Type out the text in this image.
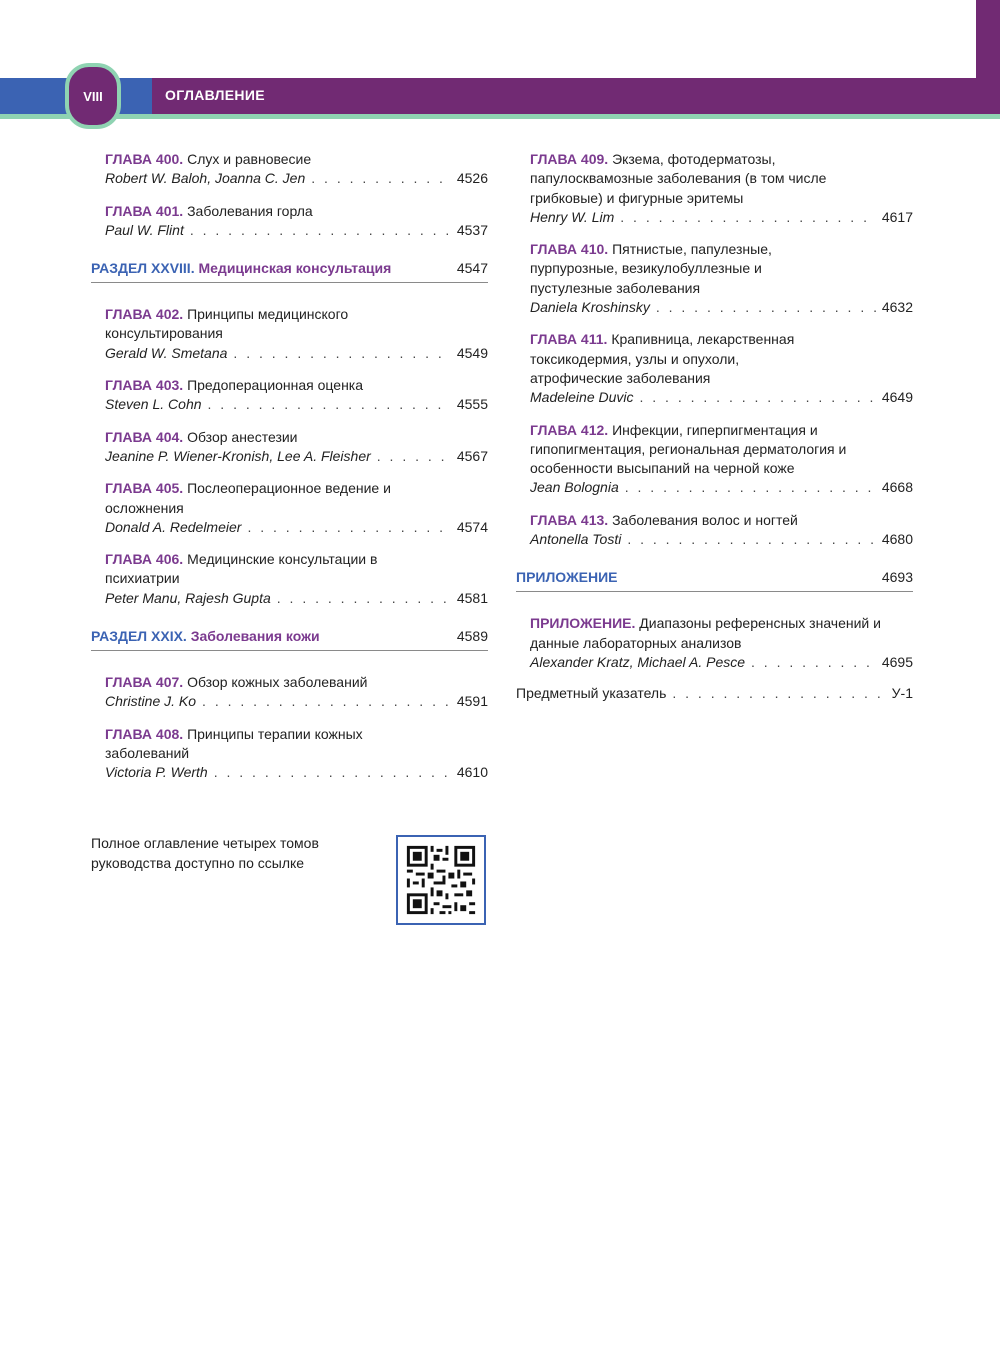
VIII	ОГЛАВЛЕНИЕ
ГЛАВА 400. Слух и равновесие
Robert W. Baloh, Joanna C. Jen . . .	4526
ГЛАВА 401. Заболевания горла
Paul W. Flint . . .	4537
РАЗДЕЛ XXVIII. Медицинская консультация	4547
ГЛАВА 402. Принципы медицинского консультирования
Gerald W. Smetana . . .	4549
ГЛАВА 403. Предоперационная оценка
Steven L. Cohn . . .	4555
ГЛАВА 404. Обзор анестезии
Jeanine P. Wiener-Kronish, Lee A. Fleisher . . .	4567
ГЛАВА 405. Послеоперационное ведение и осложнения
Donald A. Redelmeier . . .	4574
ГЛАВА 406. Медицинские консультации в психиатрии
Peter Manu, Rajesh Gupta . . .	4581
РАЗДЕЛ XXIX. Заболевания кожи	4589
ГЛАВА 407. Обзор кожных заболеваний
Christine J. Ko . . .	4591
ГЛАВА 408. Принципы терапии кожных заболеваний
Victoria P. Werth . . .	4610
ГЛАВА 409. Экзема, фотодерматозы, папулосквамозные заболевания (в том числе грибковые) и фигурные эритемы
Henry W. Lim . . .	4617
ГЛАВА 410. Пятнистые, папулезные, пурпурозные, везикулобуллезные и пустулезные заболевания
Daniela Kroshinsky . . .	4632
ГЛАВА 411. Крапивница, лекарственная токсикодермия, узлы и опухоли, атрофические заболевания
Madeleine Duvic . . .	4649
ГЛАВА 412. Инфекции, гиперпигментация и гипопигментация, региональная дерматология и особенности высыпаний на черной коже
Jean Bolognia . . .	4668
ГЛАВА 413. Заболевания волос и ногтей
Antonella Tosti . . .	4680
ПРИЛОЖЕНИЕ	4693
ПРИЛОЖЕНИЕ. Диапазоны референсных значений и данные лабораторных анализов
Alexander Kratz, Michael A. Pesce . . .	4695
Предметный указатель . . .	У-1
Полное оглавление четырех томов руководства доступно по ссылке
